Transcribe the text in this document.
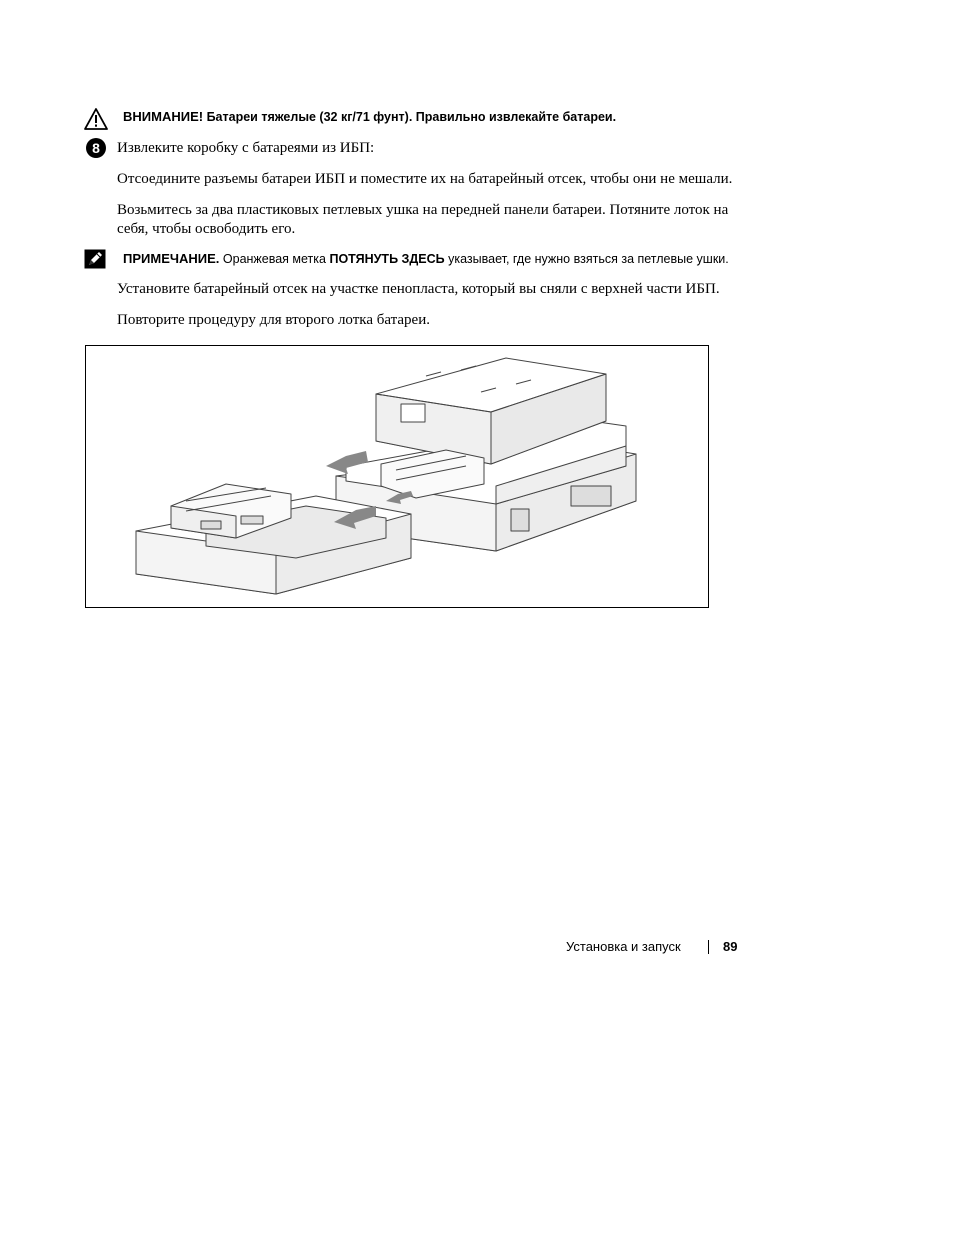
ВНИМАНИЕ! Батареи тяжелые (32 кг/71 фунт). Правильно извлекайте батареи.
8	Извлеките коробку с батареями из ИБП:
Отсоедините разъемы батареи ИБП и поместите их на батарейный отсек, чтобы они не мешали.
Возьмитесь за два пластиковых петлевых ушка на передней панели батареи. Потяните лоток на себя, чтобы освободить его.
ПРИМЕЧАНИЕ. Оранжевая метка ПОТЯНУТЬ ЗДЕСЬ указывает, где нужно взяться за петлевые ушки.
Установите батарейный отсек на участке пенопласта, который вы сняли с верхней части ИБП.
Повторите процедуру для второго лотка батареи.
Установка и запуск	89
